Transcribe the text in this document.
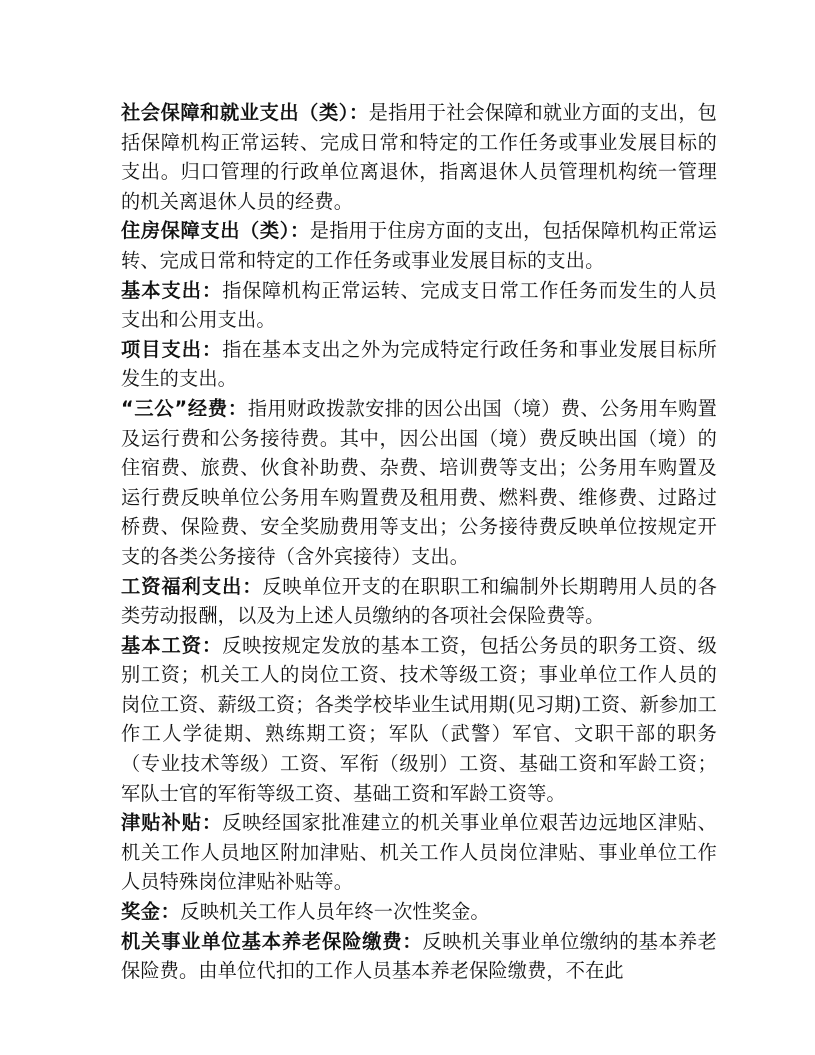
社会保障和就业支出（类）：是指用于社会保障和就业方面的支出，包括保障机构正常运转、完成日常和特定的工作任务或事业发展目标的支出。归口管理的行政单位离退休，指离退休人员管理机构统一管理的机关离退休人员的经费。

住房保障支出（类）：是指用于住房方面的支出，包括保障机构正常运转、完成日常和特定的工作任务或事业发展目标的支出。

基本支出：指保障机构正常运转、完成支日常工作任务而发生的人员支出和公用支出。

项目支出：指在基本支出之外为完成特定行政任务和事业发展目标所发生的支出。

“三公”经费：指用财政拨款安排的因公出国（境）费、公务用车购置及运行费和公务接待费。其中，因公出国（境）费反映出国（境）的住宿费、旅费、伙食补助费、杂费、培训费等支出；公务用车购置及运行费反映单位公务用车购置费及租用费、燃料费、维修费、过路过桥费、保险费、安全奖励费用等支出；公务接待费反映单位按规定开支的各类公务接待（含外宾接待）支出。

工资福利支出：反映单位开支的在职职工和编制外长期聘用人员的各类劳动报酬，以及为上述人员缴纳的各项社会保险费等。

基本工资：反映按规定发放的基本工资，包括公务员的职务工资、级别工资；机关工人的岗位工资、技术等级工资；事业单位工作人员的岗位工资、薪级工资；各类学校毕业生试用期(见习期)工资、新参加工作工人学徒期、熟练期工资；军队（武警）军官、文职干部的职务（专业技术等级）工资、军衔（级别）工资、基础工资和军龄工资；军队士官的军衔等级工资、基础工资和军龄工资等。

津贴补贴：反映经国家批准建立的机关事业单位艰苦边远地区津贴、机关工作人员地区附加津贴、机关工作人员岗位津贴、事业单位工作人员特殊岗位津贴补贴等。

奖金：反映机关工作人员年终一次性奖金。

机关事业单位基本养老保险缴费：反映机关事业单位缴纳的基本养老保险费。由单位代扣的工作人员基本养老保险缴费，不在此
